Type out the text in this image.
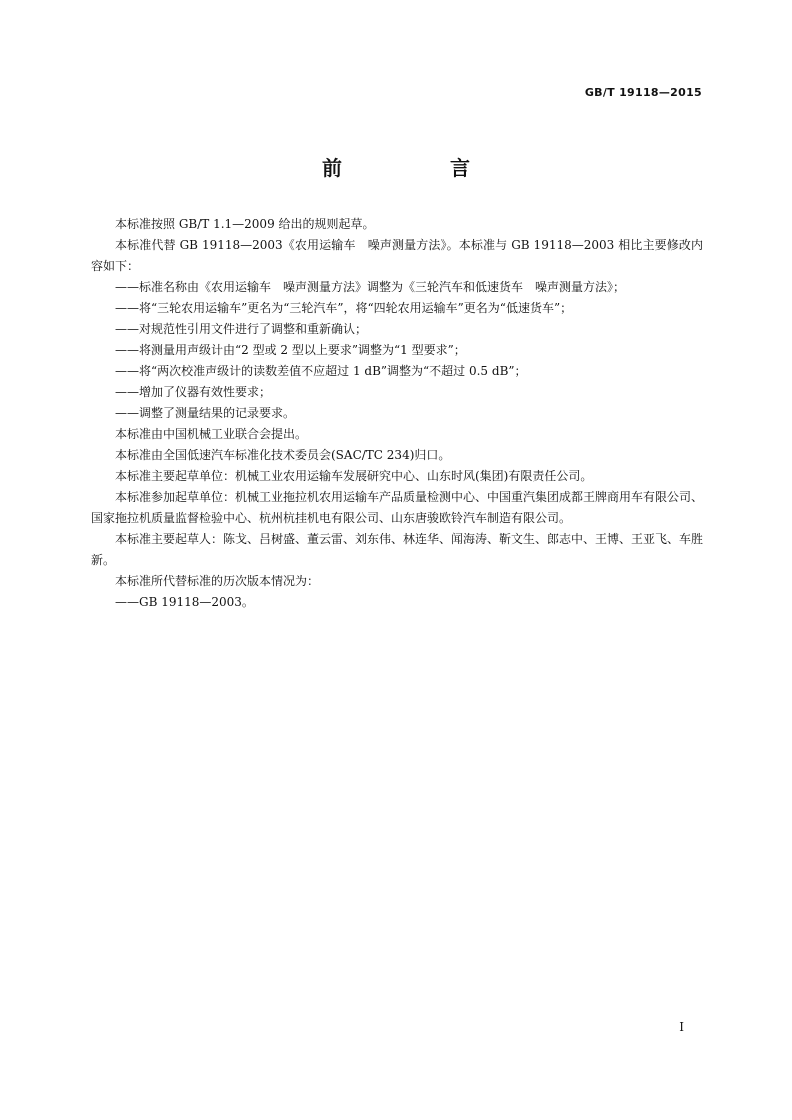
GB/T 19118—2015
前　言

本标准按照 GB/T 1.1—2009 给出的规则起草。

本标准代替 GB 19118—2003《农用运输车　噪声测量方法》。本标准与 GB 19118—2003 相比主要修改内容如下：

——标准名称由《农用运输车　噪声测量方法》调整为《三轮汽车和低速货车　噪声测量方法》；

——将“三轮农用运输车”更名为“三轮汽车”，将“四轮农用运输车”更名为“低速货车”；

——对规范性引用文件进行了调整和重新确认；

——将测量用声级计由“2 型或 2 型以上要求”调整为“1 型要求”；

——将“两次校准声级计的读数差值不应超过 1 dB”调整为“不超过 0.5 dB”；

——增加了仪器有效性要求；

——调整了测量结果的记录要求。

本标准由中国机械工业联合会提出。

本标准由全国低速汽车标准化技术委员会(SAC/TC 234)归口。

本标准主要起草单位：机械工业农用运输车发展研究中心、山东时风(集团)有限责任公司。

本标准参加起草单位：机械工业拖拉机农用运输车产品质量检测中心、中国重汽集团成都王牌商用车有限公司、国家拖拉机质量监督检验中心、杭州杭挂机电有限公司、山东唐骏欧铃汽车制造有限公司。

本标准主要起草人：陈戈、吕树盛、董云雷、刘东伟、林连华、闻海涛、靳文生、郎志中、王博、王亚飞、车胜新。

本标准所代替标准的历次版本情况为：

——GB 19118—2003。

I
